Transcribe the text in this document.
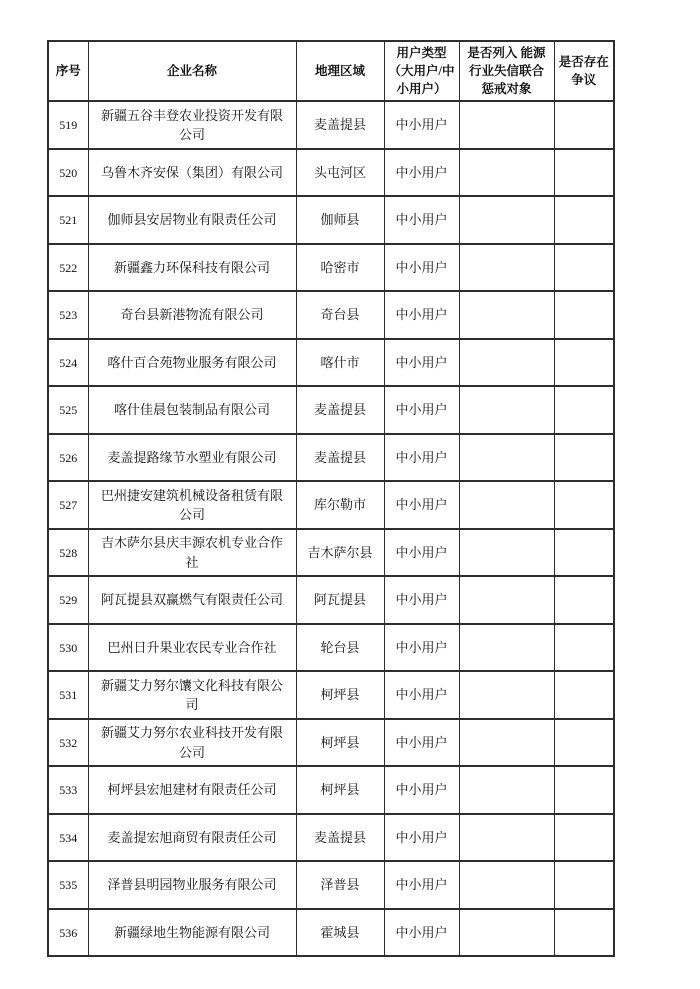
序号	企业名称	地理区域	用户类型（大用户/中小用户）	是否列入 能源行业失信联合惩戒对象	是否存在争议
519	新疆五谷丰登农业投资开发有限公司	麦盖提县	中小用户		
520	乌鲁木齐安保（集团）有限公司	头屯河区	中小用户		
521	伽师县安居物业有限责任公司	伽师县	中小用户		
522	新疆鑫力环保科技有限公司	哈密市	中小用户		
523	奇台县新港物流有限公司	奇台县	中小用户		
524	喀什百合苑物业服务有限公司	喀什市	中小用户		
525	喀什佳晨包装制品有限公司	麦盖提县	中小用户		
526	麦盖提路缘节水塑业有限公司	麦盖提县	中小用户		
527	巴州捷安建筑机械设备租赁有限公司	库尔勒市	中小用户		
528	吉木萨尔县庆丰源农机专业合作社	吉木萨尔县	中小用户		
529	阿瓦提县双赢燃气有限责任公司	阿瓦提县	中小用户		
530	巴州日升果业农民专业合作社	轮台县	中小用户		
531	新疆艾力努尔馕文化科技有限公司	柯坪县	中小用户		
532	新疆艾力努尔农业科技开发有限公司	柯坪县	中小用户		
533	柯坪县宏旭建材有限责任公司	柯坪县	中小用户		
534	麦盖提宏旭商贸有限责任公司	麦盖提县	中小用户		
535	泽普县明园物业服务有限公司	泽普县	中小用户		
536	新疆绿地生物能源有限公司	霍城县	中小用户		
